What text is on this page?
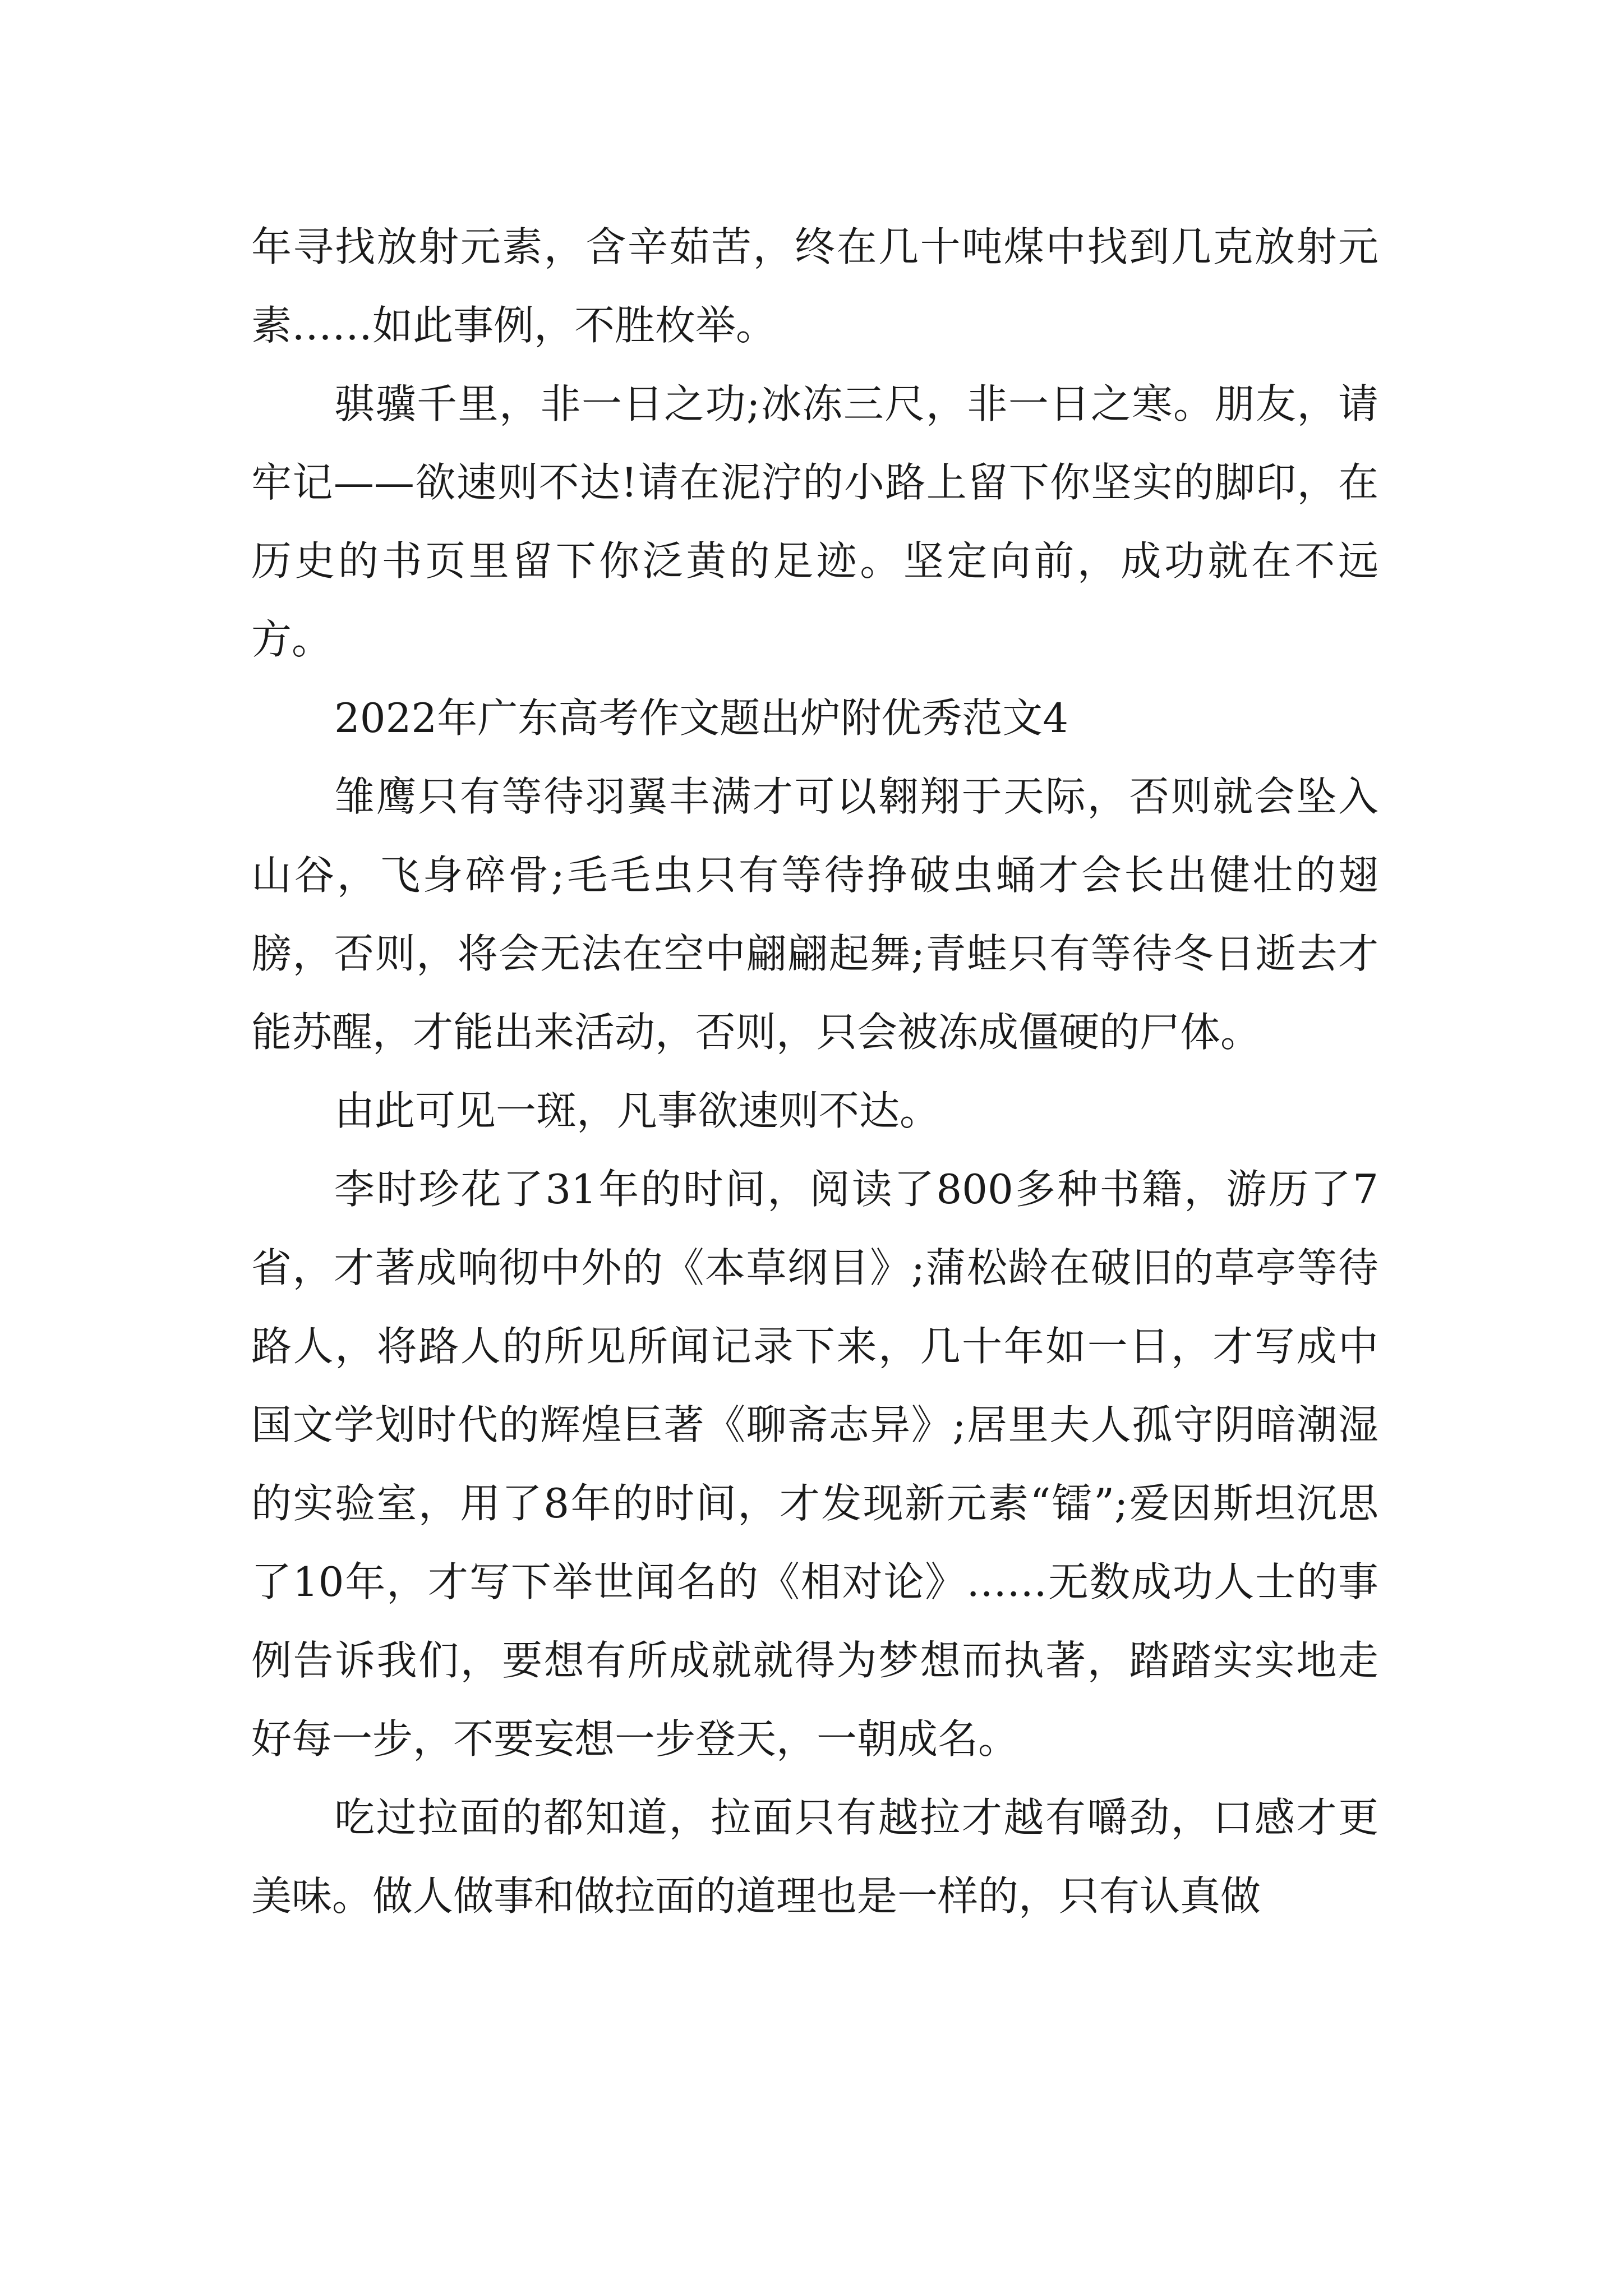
年寻找放射元素，含辛茹苦，终在几十吨煤中找到几克放射元素……如此事例，不胜枚举。

骐骥千里，非一日之功;冰冻三尺，非一日之寒。朋友，请牢记——欲速则不达!请在泥泞的小路上留下你坚实的脚印，在历史的书页里留下你泛黄的足迹。坚定向前，成功就在不远方。

2022年广东高考作文题出炉附优秀范文4

雏鹰只有等待羽翼丰满才可以翱翔于天际，否则就会坠入山谷，飞身碎骨;毛毛虫只有等待挣破虫蛹才会长出健壮的翅膀，否则，将会无法在空中翩翩起舞;青蛙只有等待冬日逝去才能苏醒，才能出来活动，否则，只会被冻成僵硬的尸体。

由此可见一斑，凡事欲速则不达。

李时珍花了31年的时间，阅读了800多种书籍，游历了7省，才著成响彻中外的《本草纲目》;蒲松龄在破旧的草亭等待路人，将路人的所见所闻记录下来，几十年如一日，才写成中国文学划时代的辉煌巨著《聊斋志异》;居里夫人孤守阴暗潮湿的实验室，用了8年的时间，才发现新元素“镭”;爱因斯坦沉思了10年，才写下举世闻名的《相对论》……无数成功人士的事例告诉我们，要想有所成就就得为梦想而执著，踏踏实实地走好每一步，不要妄想一步登天，一朝成名。

吃过拉面的都知道，拉面只有越拉才越有嚼劲，口感才更美味。做人做事和做拉面的道理也是一样的，只有认真做
